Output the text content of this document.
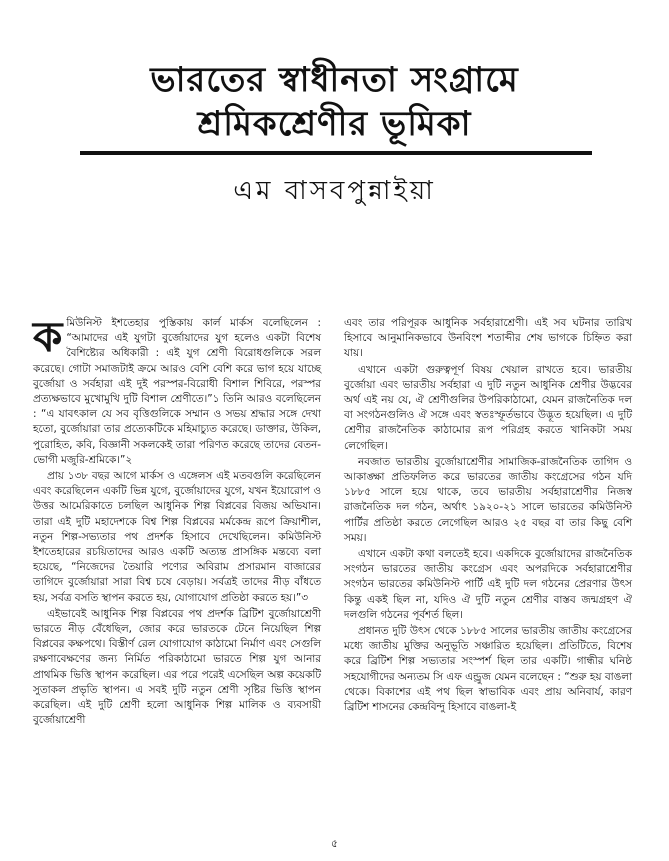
ভারতের স্বাধীনতা সংগ্রামে
শ্রমিকশ্রেণীর ভূমিকা
এম বাসবপুন্নাইয়া

কমিউনিস্ট ইশতেহার পুস্তিকায় কার্ল মার্কস বলেছিলেন : “আমাদের এই যুগটা বুর্জোয়াদের যুগ হলেও একটা বিশেষ বৈশিষ্ট্যের অধিকারী : এই যুগ শ্রেণী বিরোধগুলিকে সরল করেছে। গোটা সমাজটাই ক্রমে আরও বেশি বেশি করে ভাগ হয়ে যাচ্ছে বুর্জোয়া ও সর্বহারা এই দুই পরস্পর-বিরোধী বিশাল শিবিরে, পরস্পর প্রত্যক্ষভাবে মুখোমুখি দুটি বিশাল শ্রেণীতে।”১ তিনি আরও বলেছিলেন : “এ যাবৎকাল যে সব বৃত্তিগুলিকে সম্মান ও সভয় শ্রদ্ধার সঙ্গে দেখা হতো, বুর্জোয়ারা তার প্রত্যেকটিকে মহিমাচ্যুত করেছে। ডাক্তার, উকিল, পুরোহিত, কবি, বিজ্ঞানী সকলকেই তারা পরিণত করেছে তাদের বেতন-ভোগী মজুরি-শ্রমিকে।”২

প্রায় ১৩৮ বছর আগে মার্কস ও এঙ্গেলস এই মতবগুলি করেছিলেন এবং করেছিলেন একটি ভিন্ন যুগে, বুর্জোয়াদের যুগে, যখন ইয়োরোপ ও উত্তর আমেরিকাতে চলছিল আধুনিক শিল্প বিপ্লবের বিজয় অভিযান। তারা এই দুটি মহাদেশকে বিশ্ব শিল্প বিপ্লবের মর্মকেন্দ্র রূপে ক্রিয়াশীল, নতুন শিল্প-সভ্যতার পথ প্রদর্শক হিসাবে দেখেছিলেন। কমিউনিস্ট ইশতেহারের রচয়িতাদের আরও একটি অত্যন্ত প্রাসঙ্গিক মন্তব্যে বলা হয়েছে, “নিজেদের তৈয়ারি পণ্যের অবিরাম প্রসারমান বাজারের তাগিদে বুর্জোয়ারা সারা বিশ্ব চষে বেড়ায়। সর্বত্রই তাদের নীড় বাঁধতে হয়, সর্বত্র বসতি স্থাপন করতে হয়, যোগাযোগ প্রতিষ্ঠা করতে হয়।”৩

এইভাবেই আধুনিক শিল্প বিপ্লবের পথ প্রদর্শক ব্রিটিশ বুর্জোয়াশ্রেণী ভারতে নীড় বেঁধেছিল, জোর করে ভারতকে টেনে নিয়েছিল শিল্প বিপ্লবের কক্ষপথে। বিস্তীর্ণ রেল যোগাযোগ কাঠামো নির্মাণ এবং সেগুলি রক্ষণাবেক্ষণের জন্য নির্মিত পরিকাঠামো ভারতে শিল্প যুগ আনার প্রাথমিক ভিত্তি স্থাপন করেছিল। এর পরে পরেই এসেছিল অল্প কয়েকটি সুতাকল প্রভৃতি স্থাপন। এ সবই দুটি নতুন শ্রেণী সৃষ্টির ভিত্তি স্থাপন করেছিল। এই দুটি শ্রেণী হলো আধুনিক শিল্প মালিক ও ব্যবসায়ী বুর্জোয়াশ্রেণী

এবং তার পরিপূরক আধুনিক সর্বহারাশ্রেণী। এই সব ঘটনার তারিখ হিসাবে আনুমানিকভাবে উনবিংশ শতাব্দীর শেষ ভাগকে চিহ্নিত করা যায়।

এখানে একটা গুরুত্বপূর্ণ বিষয় খেয়াল রাখতে হবে। ভারতীয় বুর্জোয়া এবং ভারতীয় সর্বহারা এ দুটি নতুন আধুনিক শ্রেণীর উদ্ভবের অর্থ এই নয় যে, ঐ শ্রেণীগুলির উপরিকাঠামো, যেমন রাজনৈতিক দল বা সংগঠনগুলিও ঐ সঙ্গে এবং স্বতঃস্ফূর্তভাবে উদ্ভূত হয়েছিল। এ দুটি শ্রেণীর রাজনৈতিক কাঠামোর রূপ পরিগ্রহ করতে খানিকটা সময় লেগেছিল।

নবজাত ভারতীয় বুর্জোয়াশ্রেণীর সামাজিক-রাজনৈতিক তাগিদ ও আকাঙ্ক্ষা প্রতিফলিত করে ভারতের জাতীয় কংগ্রেসের গঠন যদি ১৮৮৫ সালে হয়ে থাকে, তবে ভারতীয় সর্বহারাশ্রেণীর নিজস্ব রাজনৈতিক দল গঠন, অর্থাৎ ১৯২০-২১ সালে ভারতের কমিউনিস্ট পার্টির প্রতিষ্ঠা করতে লেগেছিল আরও ২৫ বছর বা তার কিছু বেশি সময়।

এখানে একটা কথা বলতেই হবে। একদিকে বুর্জোয়াদের রাজনৈতিক সংগঠন ভারতের জাতীয় কংগ্রেস এবং অপরদিকে সর্বহারাশ্রেণীর সংগঠন ভারতের কমিউনিস্ট পার্টি এই দুটি দল গঠনের প্রেরণার উৎস কিন্তু একই ছিল না, যদিও ঐ দুটি নতুন শ্রেণীর বাস্তব জন্মগ্রহণ ঐ দলগুলি গঠনের পূর্বশর্ত ছিল।

প্রধানত দুটি উৎস থেকে ১৮৮৫ সালের ভারতীয় জাতীয় কংগ্রেসের মধ্যে জাতীয় মুক্তির অনুভূতি সঞ্চারিত হয়েছিল। প্রতিটিতে, বিশেষ করে ব্রিটিশ শিল্প সভ্যতার সংস্পর্শ ছিল তার একটি। গান্ধীর ঘনিষ্ঠ সহযোগীদের অন্যতম সি এফ এন্ড্রুজ যেমন বলেছেন : “শুরু হয় বাঙলা থেকে। বিকাশের এই পথ ছিল স্বাভাবিক এবং প্রায় অনিবার্য, কারণ ব্রিটিশ শাসনের কেন্দ্রবিন্দু হিসাবে বাঙলা-ই

৫
